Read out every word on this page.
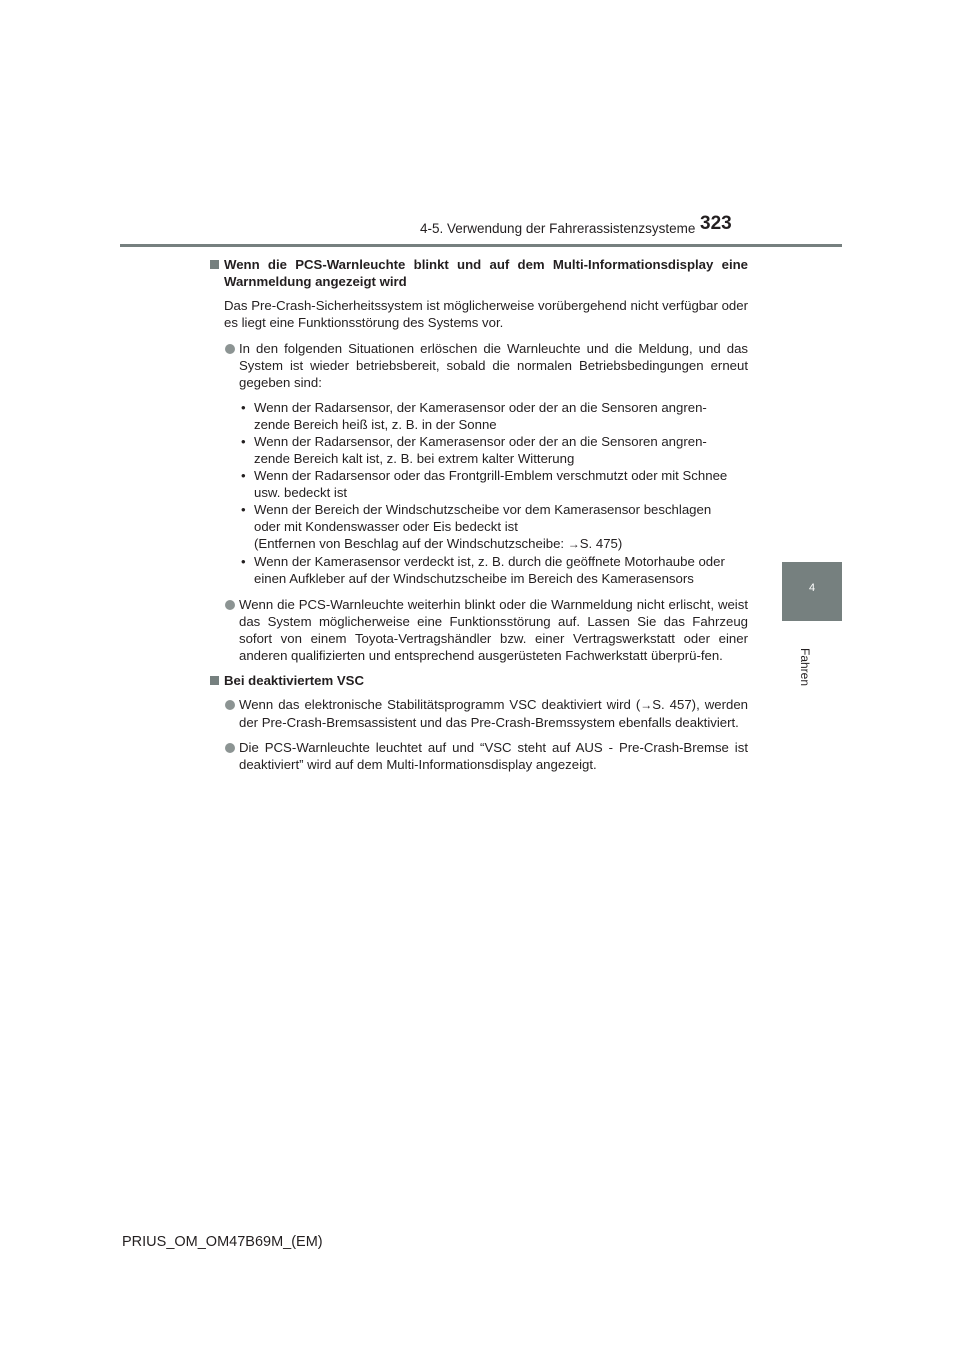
4-5. Verwendung der Fahrerassistenzsysteme 323
4
Fahren
Wenn die PCS-Warnleuchte blinkt und auf dem Multi-Informationsdisplay eine Warnmeldung angezeigt wird
Das Pre-Crash-Sicherheitssystem ist möglicherweise vorübergehend nicht verfügbar oder es liegt eine Funktionsstörung des Systems vor.
In den folgenden Situationen erlöschen die Warnleuchte und die Meldung, und das System ist wieder betriebsbereit, sobald die normalen Betriebsbedingungen erneut gegeben sind:
• Wenn der Radarsensor, der Kamerasensor oder der an die Sensoren angren-
zende Bereich heiß ist, z. B. in der Sonne
• Wenn der Radarsensor, der Kamerasensor oder der an die Sensoren angren-
zende Bereich kalt ist, z. B. bei extrem kalter Witterung
• Wenn der Radarsensor oder das Frontgrill-Emblem verschmutzt oder mit Schnee
usw. bedeckt ist
• Wenn der Bereich der Windschutzscheibe vor dem Kamerasensor beschlagen
oder mit Kondenswasser oder Eis bedeckt ist
(Entfernen von Beschlag auf der Windschutzscheibe: →S. 475)
• Wenn der Kamerasensor verdeckt ist, z. B. durch die geöffnete Motorhaube oder
einen Aufkleber auf der Windschutzscheibe im Bereich des Kamerasensors
Wenn die PCS-Warnleuchte weiterhin blinkt oder die Warnmeldung nicht erlischt, weist das System möglicherweise eine Funktionsstörung auf. Lassen Sie das Fahrzeug sofort von einem Toyota-Vertragshändler bzw. einer Vertragswerkstatt oder einer anderen qualifizierten und entsprechend ausgerüsteten Fachwerkstatt überprü-fen.
Bei deaktiviertem VSC
Wenn das elektronische Stabilitätsprogramm VSC deaktiviert wird (→S. 457), werden der Pre-Crash-Bremsassistent und das Pre-Crash-Bremssystem ebenfalls deaktiviert.
Die PCS-Warnleuchte leuchtet auf und “VSC steht auf AUS - Pre-Crash-Bremse ist deaktiviert” wird auf dem Multi-Informationsdisplay angezeigt.
PRIUS_OM_OM47B69M_(EM)
